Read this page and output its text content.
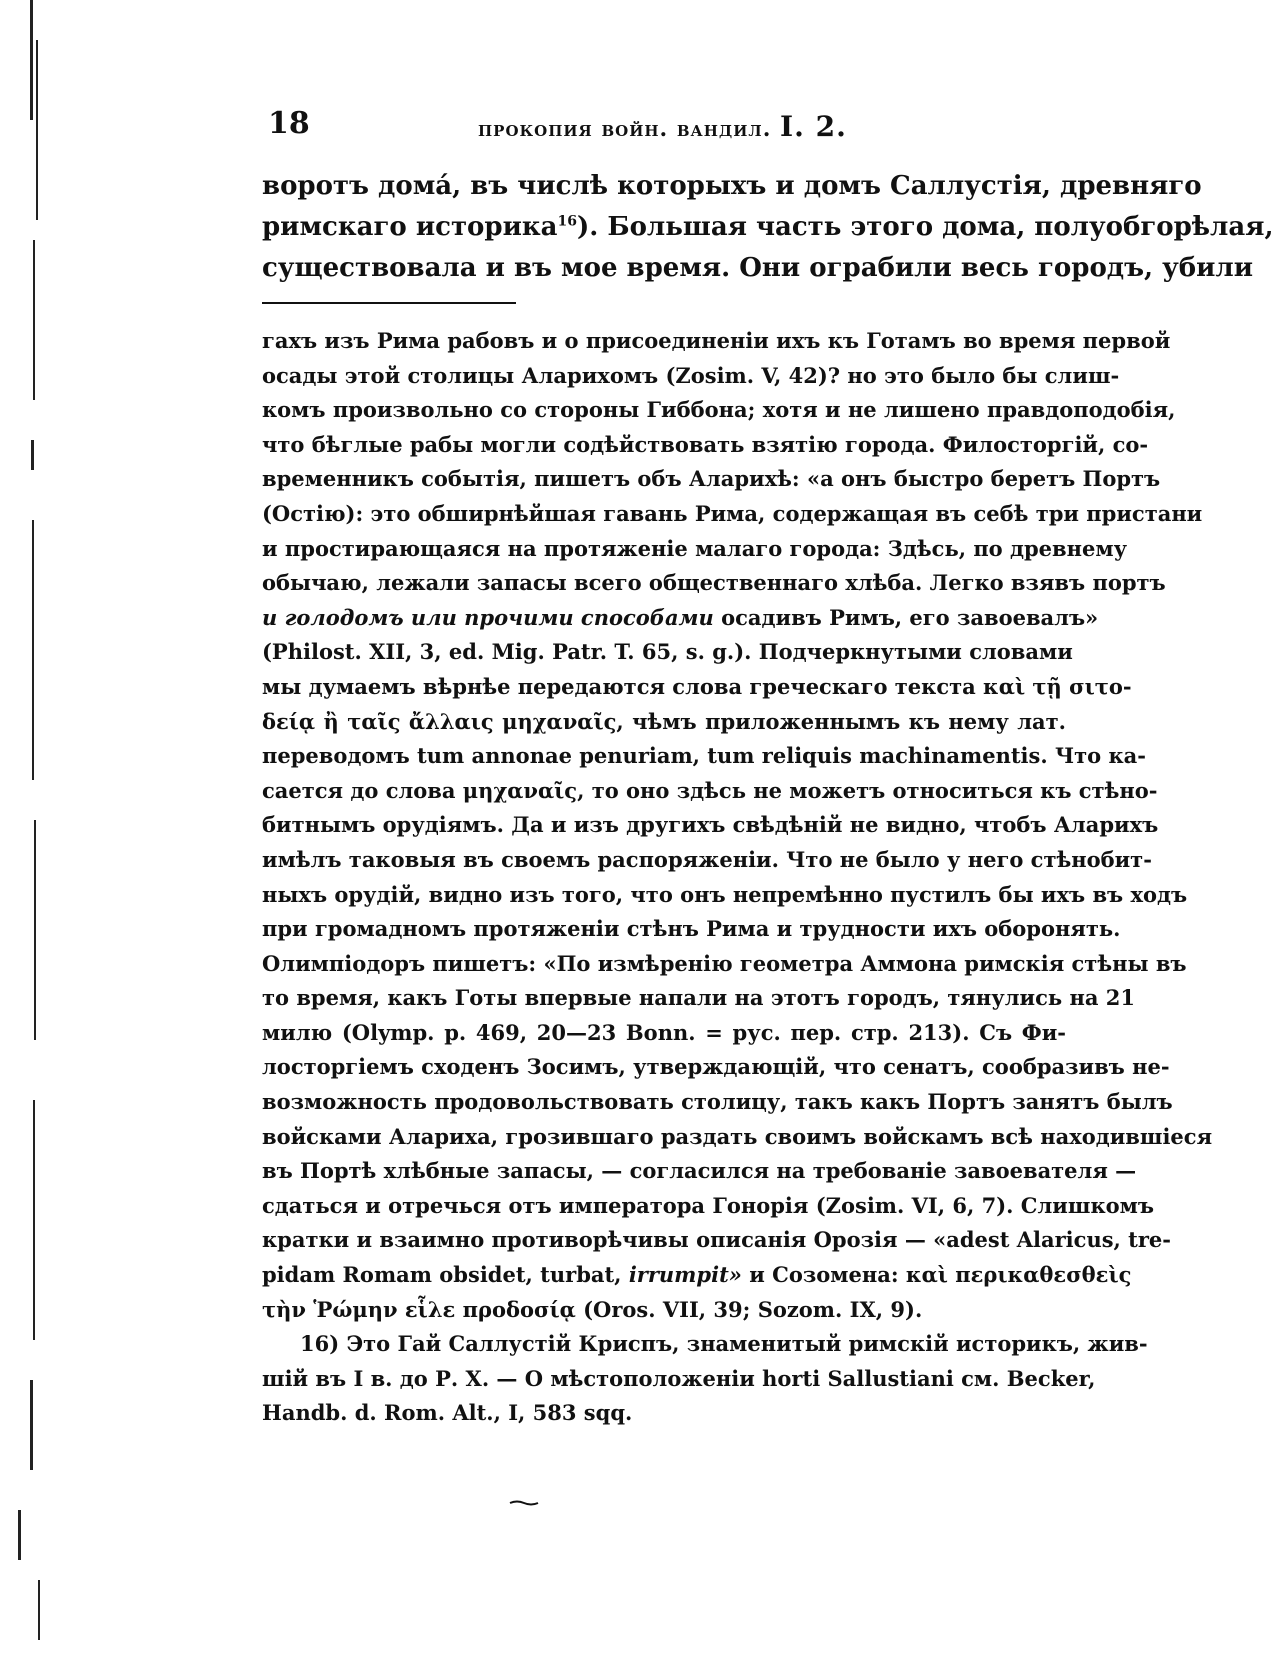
18	прокопия войн. вандил. I. 2.
воротъ домá, въ числѣ которыхъ и домъ Саллустія, древняго
римскаго историка$^{16}$). Большая часть этого дома, полуобгорѣлая,
существовала и въ мое время. Они ограбили весь городъ, убили
гахъ изъ Рима рабовъ и о присоединеніи ихъ къ Готамъ во время первой
осады этой столицы Аларихомъ (Zosim. V, 42)? но это было бы слиш-
комъ произвольно со стороны Гиббона; хотя и не лишено правдоподобія,
что бѣглые рабы могли содѣйствовать взятію города. Филосторгій, со-
временникъ событія, пишетъ объ Аларихѣ: «а онъ быстро беретъ Портъ
(Остію): это обширнѣйшая гавань Рима, содержащая въ себѣ три пристани
и простирающаяся на протяженіе малаго города: Здѣсь, по древнему
обычаю, лежали запасы всего общественнаго хлѣба. Легко взявъ портъ
и голодомъ или прочими способами осадивъ Римъ, его завоевалъ»
(Philost. XII, 3, ed. Mig. Patr. T. 65, s. g.). Подчеркнутыми словами
мы думаемъ вѣрнѣе передаются слова греческаго текста καὶ τῇ σιτο-
δείᾳ ἢ ταῖς ἄλλαις μηχαναῖς, чѣмъ приложеннымъ къ нему лат.
переводомъ tum annonae penuriam, tum reliquis machinamentis. Что ка-
сается до слова μηχαναῖς, то оно здѣсь не можетъ относиться къ стѣно-
битнымъ орудіямъ. Да и изъ другихъ свѣдѣній не видно, чтобъ Аларихъ
имѣлъ таковыя въ своемъ распоряженіи. Что не было у него стѣнобит-
ныхъ орудій, видно изъ того, что онъ непремѣнно пустилъ бы ихъ въ ходъ
при громадномъ протяженіи стѣнъ Рима и трудности ихъ оборонять.
Олимпіодоръ пишетъ: «По измѣренію геометра Аммона римскія стѣны въ
то время, какъ Готы впервые напали на этотъ городъ, тянулись на 21
милю (Olymp. p. 469, 20—23 Bonn. = рус. пер. стр. 213). Съ Фи-
лосторгіемъ сходенъ Зосимъ, утверждающій, что сенатъ, сообразивъ не-
возможность продовольствовать столицу, такъ какъ Портъ занятъ былъ
войсками Алариха, грозившаго раздать своимъ войскамъ всѣ находившіеся
въ Портѣ хлѣбные запасы, — согласился на требованіе завоевателя —
сдаться и отречься отъ императора Гонорія (Zosim. VI, 6, 7). Слишкомъ
кратки и взаимно противорѣчивы описанія Орозія — «adest Alaricus, tre-
pidam Romam obsidet, turbat, irrumpit» и Созомена: καὶ περικαθεσθεὶς
τὴν Ῥώμην εἷλε προδοσίᾳ (Oros. VII, 39; Sozom. IX, 9).
16) Это Гай Саллустій Криспъ, знаменитый римскій историкъ, жив-
шій въ I в. до Р. Х. — О мѣстоположеніи horti Sallustiani см. Becker,
Handb. d. Rom. Alt., I, 583 sqq.
